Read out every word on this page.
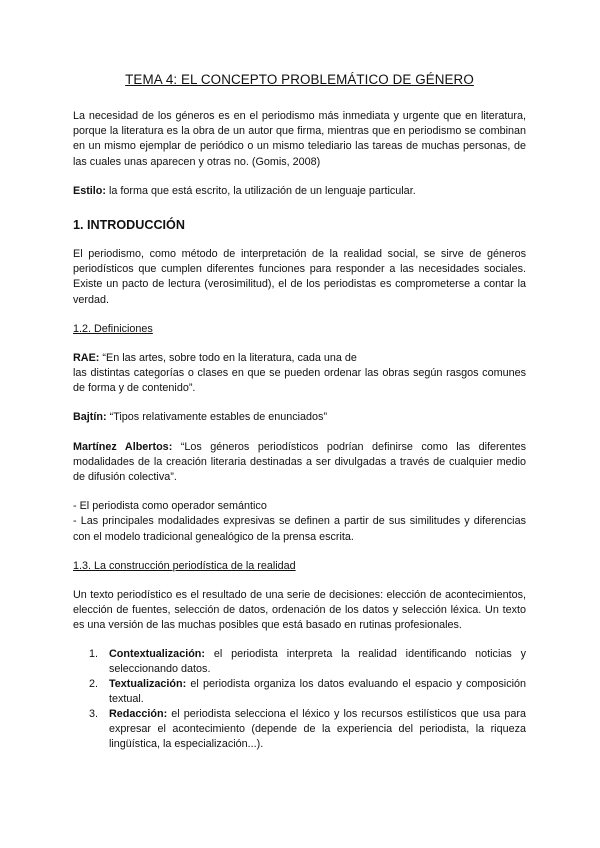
TEMA 4: EL CONCEPTO PROBLEMÁTICO DE GÉNERO

La necesidad de los géneros es en el periodismo más inmediata y urgente que en literatura, porque la literatura es la obra de un autor que firma, mientras que en periodismo se combinan en un mismo ejemplar de periódico o un mismo telediario las tareas de muchas personas, de las cuales unas aparecen y otras no. (Gomis, 2008)

Estilo: la forma que está escrito, la utilización de un lenguaje particular.

1. INTRODUCCIÓN

El periodismo, como método de interpretación de la realidad social, se sirve de géneros periodísticos que cumplen diferentes funciones para responder a las necesidades sociales. Existe un pacto de lectura (verosimilitud), el de los periodistas es comprometerse a contar la verdad.

1.2. Definiciones

RAE: “En las artes, sobre todo en la literatura, cada una de

las distintas categorías o clases en que se pueden ordenar las obras según rasgos comunes de forma y de contenido”.

Bajtín: “Tipos relativamente estables de enunciados”

Martínez Albertos: “Los géneros periodísticos podrían definirse como las diferentes modalidades de la creación literaria destinadas a ser divulgadas a través de cualquier medio de difusión colectiva”.

- El periodista como operador semántico

- Las principales modalidades expresivas se definen a partir de sus similitudes y diferencias con el modelo tradicional genealógico de la prensa escrita.

1.3. La construcción periodística de la realidad

Un texto periodístico es el resultado de una serie de decisiones: elección de acontecimientos, elección de fuentes, selección de datos, ordenación de los datos y selección léxica. Un texto es una versión de las muchas posibles que está basado en rutinas profesionales.

1. Contextualización: el periodista interpreta la realidad identificando noticias y seleccionando datos.
2. Textualización: el periodista organiza los datos evaluando el espacio y composición textual.
3. Redacción: el periodista selecciona el léxico y los recursos estilísticos que usa para expresar el acontecimiento (depende de la experiencia del periodista, la riqueza lingüística, la especialización...).
